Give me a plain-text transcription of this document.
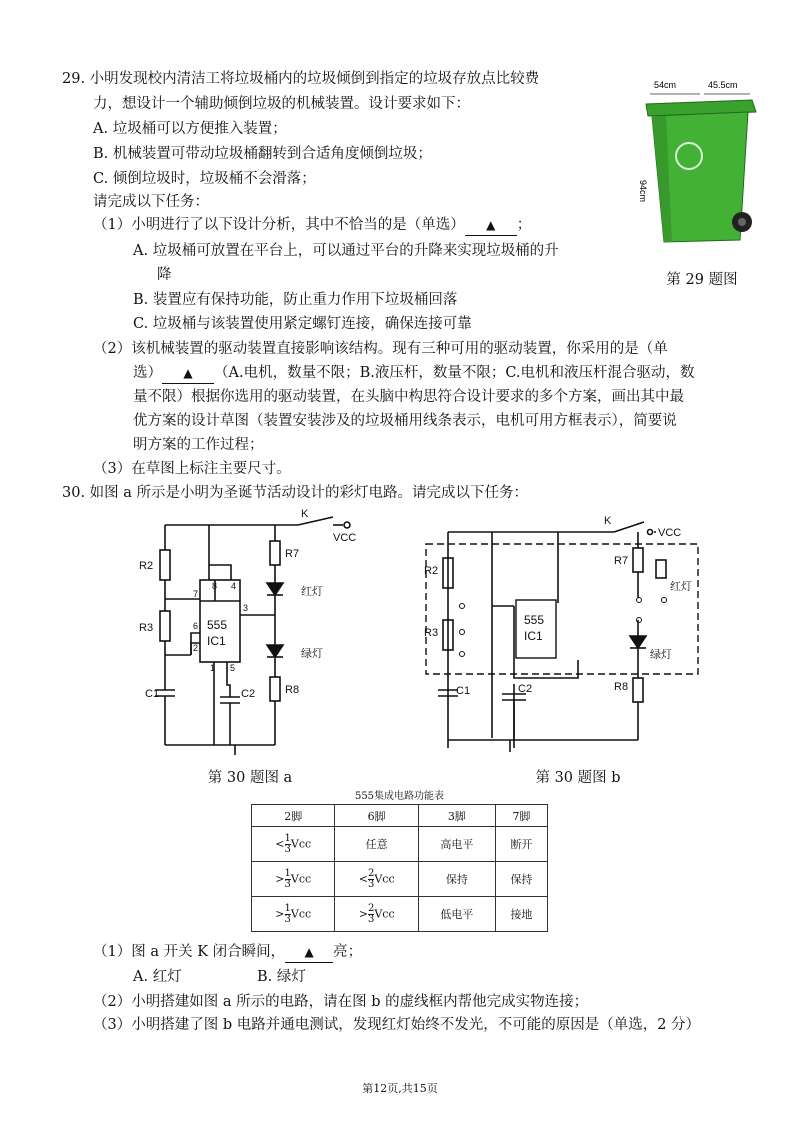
29. 小明发现校内清洁工将垃圾桶内的垃圾倾倒到指定的垃圾存放点比较费
力，想设计一个辅助倾倒垃圾的机械装置。设计要求如下：
A. 垃圾桶可以方便推入装置；
B. 机械装置可带动垃圾桶翻转到合适角度倾倒垃圾；
C. 倾倒垃圾时，垃圾桶不会滑落；
请完成以下任务：
（1）小明进行了以下设计分析，其中不恰当的是（单选） ▲ ；
A. 垃圾桶可放置在平台上，可以通过平台的升降来实现垃圾桶的升
降
B. 装置应有保持功能，防止重力作用下垃圾桶回落
C. 垃圾桶与该装置使用紧定螺钉连接，确保连接可靠
（2）该机械装置的驱动装置直接影响该结构。现有三种可用的驱动装置，你采用的是（单
选） ▲ （A.电机，数量不限；B.液压杆，数量不限；C.电机和液压杆混合驱动，数
量不限）根据你选用的驱动装置，在头脑中构思符合设计要求的多个方案，画出其中最
优方案的设计草图（装置安装涉及的垃圾桶用线条表示，电机可用方框表示），简要说
明方案的工作过程；
（3）在草图上标注主要尺寸。
54cm	45.5cm
94cm
第 29 题图
30. 如图 a 所示是小明为圣诞节活动设计的彩灯电路。请完成以下任务：
R2
R3
C1	C2
R7
R8
红灯
绿灯
K
VCC
555
IC1
8 4
7
6
2
3
1 5
第 30 题图 a
R2
R3
C1	C2
R7
R8
红灯
绿灯
K
VCC
555
IC1
第 30 题图 b
555集成电路功能表
2脚	6脚	3脚	7脚
< $\frac{1}{3}$ Vcc	任意	高电平	断开
> $\frac{1}{3}$ Vcc	< $\frac{2}{3}$ Vcc	保持	保持
> $\frac{1}{3}$ Vcc	> $\frac{2}{3}$ Vcc	低电平	接地
（1）图 a 开关 K 闭合瞬间， ▲ 亮；
A. 红灯	B. 绿灯
（2）小明搭建如图 a 所示的电路，请在图 b 的虚线框内帮他完成实物连接；
（3）小明搭建了图 b 电路并通电测试，发现红灯始终不发光，不可能的原因是（单选，2 分）
第12页,共15页
